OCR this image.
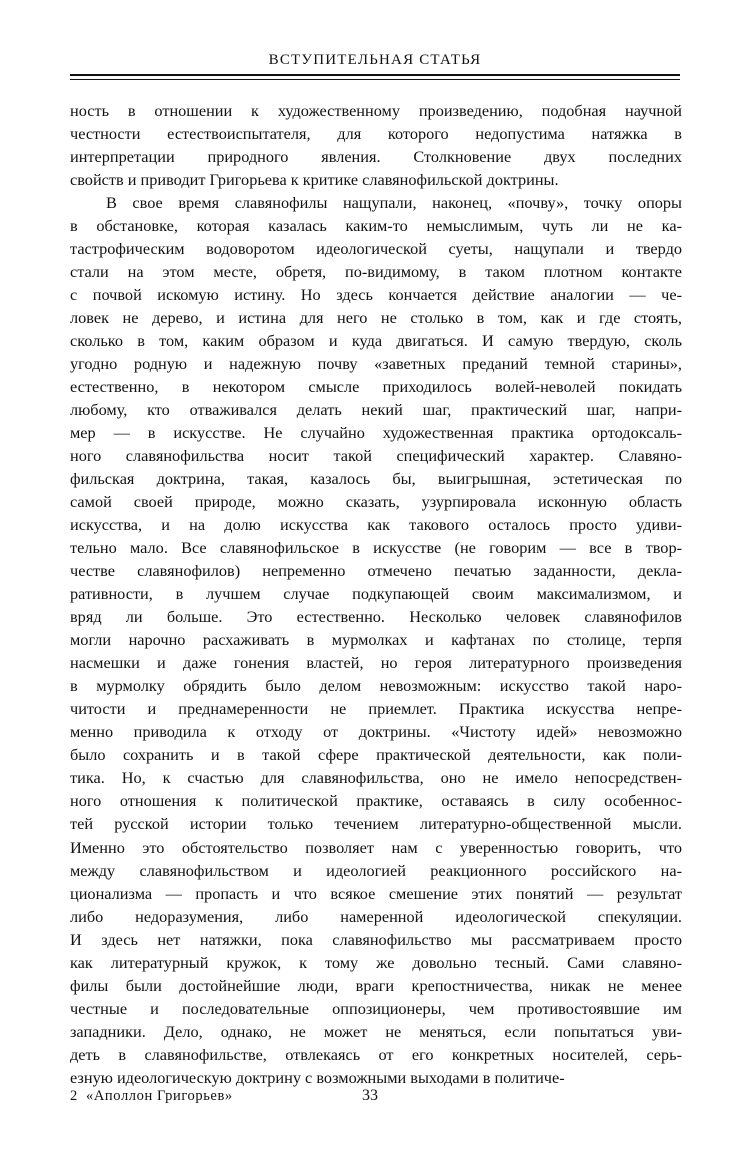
ВСТУПИТЕЛЬНАЯ СТАТЬЯ
ность в отношении к художественному произведению, подобная научной
честности естествоиспытателя, для которого недопустима натяжка в
интерпретации природного явления. Столкновение двух последних
свойств и приводит Григорьева к критике славянофильской доктрины.
В свое время славянофилы нащупали, наконец, «почву», точку опоры
в обстановке, которая казалась каким-то немыслимым, чуть ли не ка-
тастрофическим водоворотом идеологической суеты, нащупали и твердо
стали на этом месте, обретя, по-видимому, в таком плотном контакте
с почвой искомую истину. Но здесь кончается действие аналогии — че-
ловек не дерево, и истина для него не столько в том, как и где стоять,
сколько в том, каким образом и куда двигаться. И самую твердую, сколь
угодно родную и надежную почву «заветных преданий темной старины»,
естественно, в некотором смысле приходилось волей-неволей покидать
любому, кто отваживался делать некий шаг, практический шаг, напри-
мер — в искусстве. Не случайно художественная практика ортодоксаль-
ного славянофильства носит такой специфический характер. Славяно-
фильская доктрина, такая, казалось бы, выигрышная, эстетическая по
самой своей природе, можно сказать, узурпировала исконную область
искусства, и на долю искусства как такового осталось просто удиви-
тельно мало. Все славянофильское в искусстве (не говорим — все в твор-
честве славянофилов) непременно отмечено печатью заданности, декла-
ративности, в лучшем случае подкупающей своим максимализмом, и
вряд ли больше. Это естественно. Несколько человек славянофилов
могли нарочно расхаживать в мурмолках и кафтанах по столице, терпя
насмешки и даже гонения властей, но героя литературного произведения
в мурмолку обрядить было делом невозможным: искусство такой наро-
читости и преднамеренности не приемлет. Практика искусства непре-
менно приводила к отходу от доктрины. «Чистоту идей» невозможно
было сохранить и в такой сфере практической деятельности, как поли-
тика. Но, к счастью для славянофильства, оно не имело непосредствен-
ного отношения к политической практике, оставаясь в силу особеннос-
тей русской истории только течением литературно-общественной мысли.
Именно это обстоятельство позволяет нам с уверенностью говорить, что
между славянофильством и идеологией реакционного российского на-
ционализма — пропасть и что всякое смешение этих понятий — результат
либо недоразумения, либо намеренной идеологической спекуляции.
И здесь нет натяжки, пока славянофильство мы рассматриваем просто
как литературный кружок, к тому же довольно тесный. Сами славяно-
филы были достойнейшие люди, враги крепостничества, никак не менее
честные и последовательные оппозиционеры, чем противостоявшие им
западники. Дело, однако, не может не меняться, если попытаться уви-
деть в славянофильстве, отвлекаясь от его конкретных носителей, серь-
езную идеологическую доктрину с возможными выходами в политиче-
2 «Аполлон Григорьев»	33
